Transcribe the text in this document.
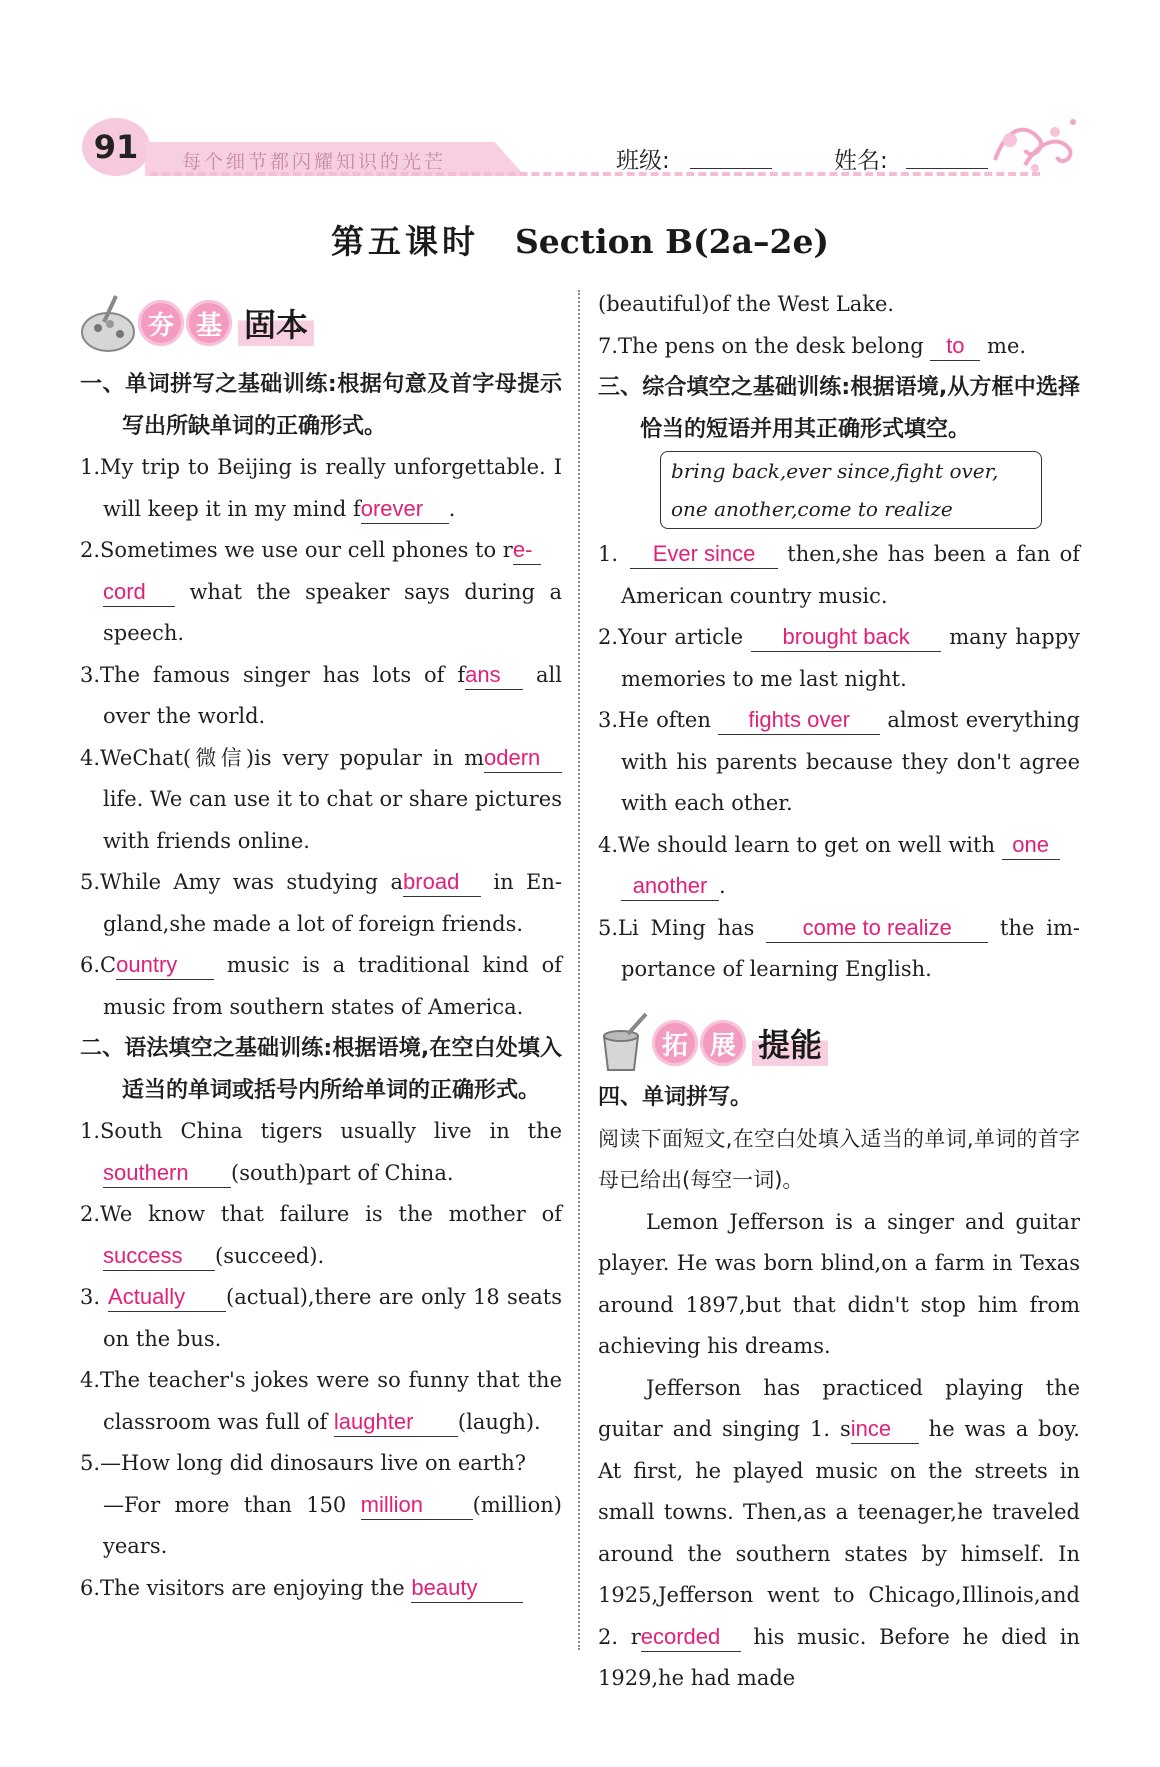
91 每个细节都闪耀知识的光芒	班级:	姓名:
第五课时 Section B(2a–2e)
夯 基 固本
一、单词拼写之基础训练:根据句意及首字母提示写出所缺单词的正确形式。
1.My trip to Beijing is really unforgettable. I will keep it in my mind forever .
2.Sometimes we use our cell phones to re-
cord what the speaker says during a speech.
3.The famous singer has lots of fans all over the world.
4.WeChat(微信)is very popular in modern life. We can use it to chat or share pictures with friends online.
5.While Amy was studying abroad in En-gland,she made a lot of foreign friends.
6.Country music is a traditional kind of music from southern states of America.
二、语法填空之基础训练:根据语境,在空白处填入适当的单词或括号内所给单词的正确形式。
1.South China tigers usually live in the southern (south)part of China.
2.We know that failure is the mother of success (succeed).
3. Actually (actual),there are only 18 seats on the bus.
4.The teacher's jokes were so funny that the classroom was full of laughter (laugh).
5.—How long did dinosaurs live on earth?
—For more than 150 million (million) years.
6.The visitors are enjoying the beauty
(beautiful)of the West Lake.
7.The pens on the desk belong to me.
三、综合填空之基础训练:根据语境,从方框中选择恰当的短语并用其正确形式填空。
bring back,ever since,fight over,
one another,come to realize
1. Ever since then,she has been a fan of American country music.
2.Your article brought back many happy memories to me last night.
3.He often fights over almost everything with his parents because they don't agree with each other.
4.We should learn to get on well with one
another .
5.Li Ming has come to realize the im-portance of learning English.
拓 展 提能
四、单词拼写。
阅读下面短文,在空白处填入适当的单词,单词的首字母已给出(每空一词)。
Lemon Jefferson is a singer and guitar player. He was born blind,on a farm in Texas around 1897,but that didn't stop him from achieving his dreams.
Jefferson has practiced playing the guitar and singing 1. since he was a boy. At first, he played music on the streets in small towns. Then,as a teenager,he traveled around the southern states by himself. In 1925,Jefferson went to Chicago,Illinois,and 2. recorded his music. Before he died in 1929,he had made
